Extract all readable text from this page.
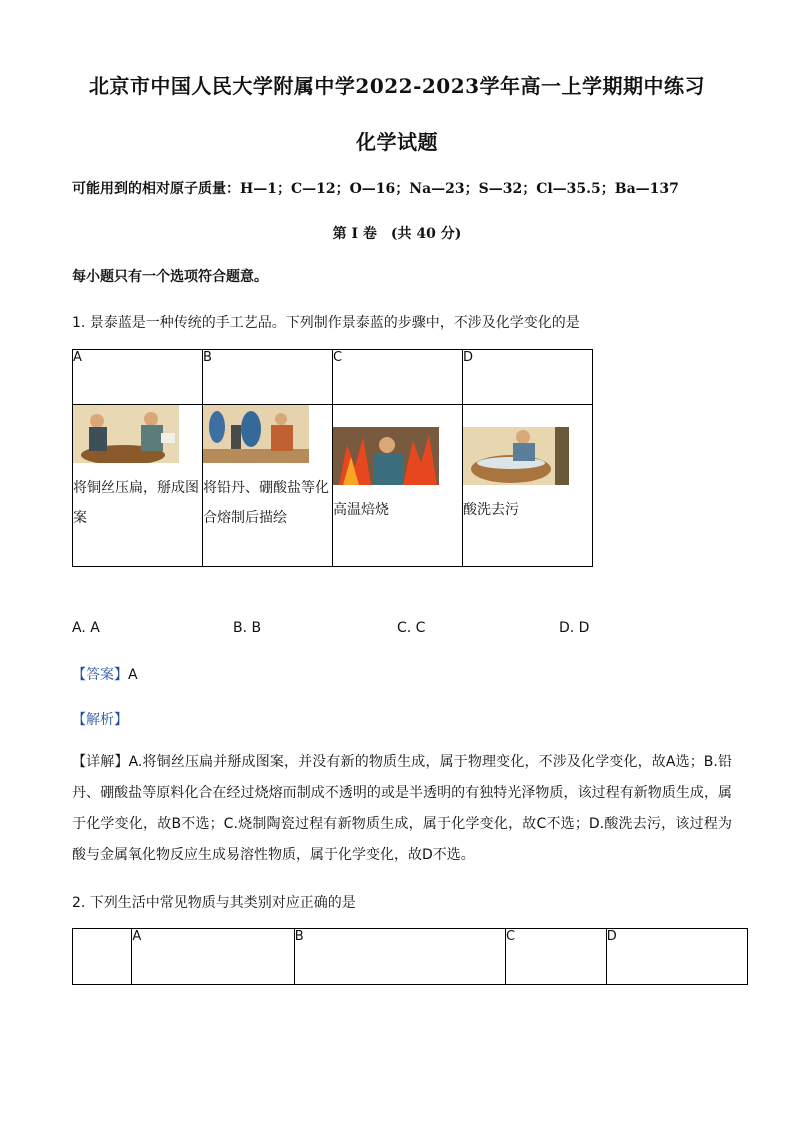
北京市中国人民大学附属中学2022-2023学年高一上学期期中练习
化学试题
可能用到的相对原子质量：H—1；C—12；O—16；Na—23；S—32；Cl—35.5；Ba—137
第 I 卷　(共 40 分)
每小题只有一个选项符合题意。
1. 景泰蓝是一种传统的手工艺品。下列制作景泰蓝的步骤中，不涉及化学变化的是
A	B	C	D

将铜丝压扁，掰成图案	将铅丹、硼酸盐等化合熔制后描绘	高温焙烧	酸洗去污
A. A	B. B	C. C	D. D
【答案】A
【解析】
【详解】A.将铜丝压扁并掰成图案，并没有新的物质生成，属于物理变化，不涉及化学变化，故A选；B.铅丹、硼酸盐等原料化合在经过烧熔而制成不透明的或是半透明的有独特光泽物质，该过程有新物质生成，属于化学变化，故B不选；C.烧制陶瓷过程有新物质生成，属于化学变化，故C不选；D.酸洗去污，该过程为酸与金属氧化物反应生成易溶性物质，属于化学变化，故D不选。
2. 下列生活中常见物质与其类别对应正确的是
	A	B	C	D
